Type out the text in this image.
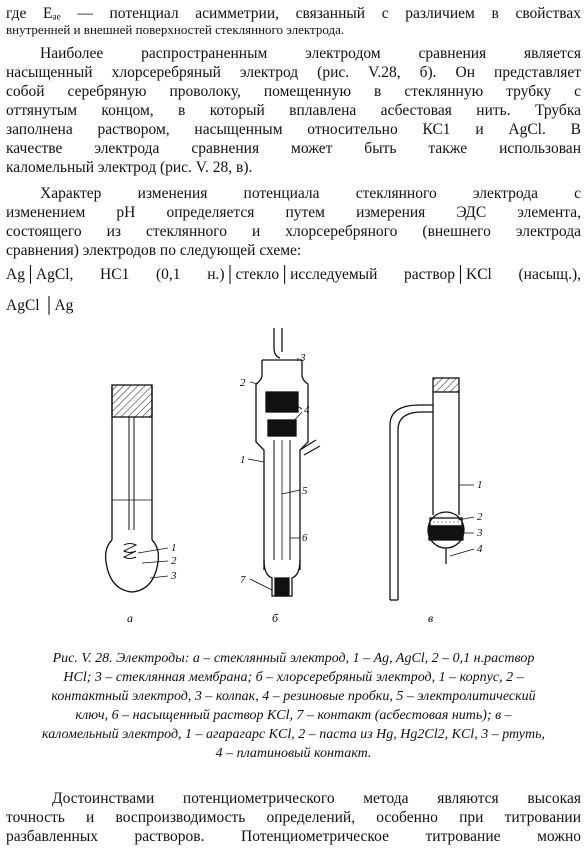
где Eₐₑ — потенциал асимметрии, связанный с различием в свойствах
внутренней и внешней поверхностей стеклянного электрода.
Наиболее распространенным электродом сравнения является
насыщенный хлорсеребряный электрод (рис. V.28, б). Он представляет
собой серебряную проволоку, помещенную в стеклянную трубку с
оттянутым концом, в который вплавлена асбестовая нить. Трубка
заполнена раствором, насыщенным относительно КС1 и AgCl. В
качестве электрода сравнения может быть также использован
каломельный электрод (рис. V. 28, в).
Характер изменения потенциала стеклянного электрода с
изменением pH определяется путем измерения ЭДС элемента,
состоящего из стеклянного и хлорсеребряного (внешнего электрода
сравнения) электродов по следующей схеме:
Ag│AgCl, HC1 (0,1 н.)│стекло│исследуемый раствор│KCl (насыщ.),
AgCl │Ag
1
2
3
а
3
2
4
1
5
6
7
б
1
2
3
4
в
Рис. V. 28. Электроды: а – стеклянный электрод, 1 – Ag, AgCl, 2 – 0,1 н.раствор
HCl; 3 – стеклянная мембрана; б – хлорсеребряный электрод, 1 – корпус, 2 –
контактный электрод, 3 – колпак, 4 – резиновые пробки, 5 – электролитический
ключ, 6 – насыщенный раствор KCl, 7 – контакт (асбестовая нить); в –
каломельный электрод, 1 – агарагарс KCl, 2 – паста из Hg, Hg2Cl2, KCl, 3 – ртуть,
4 – платиновый контакт.
Достоинствами потенциометрического метода являются высокая
точность и воспроизводимость определений, особенно при титровании
разбавленных растворов. Потенциометрическое титрование можно
